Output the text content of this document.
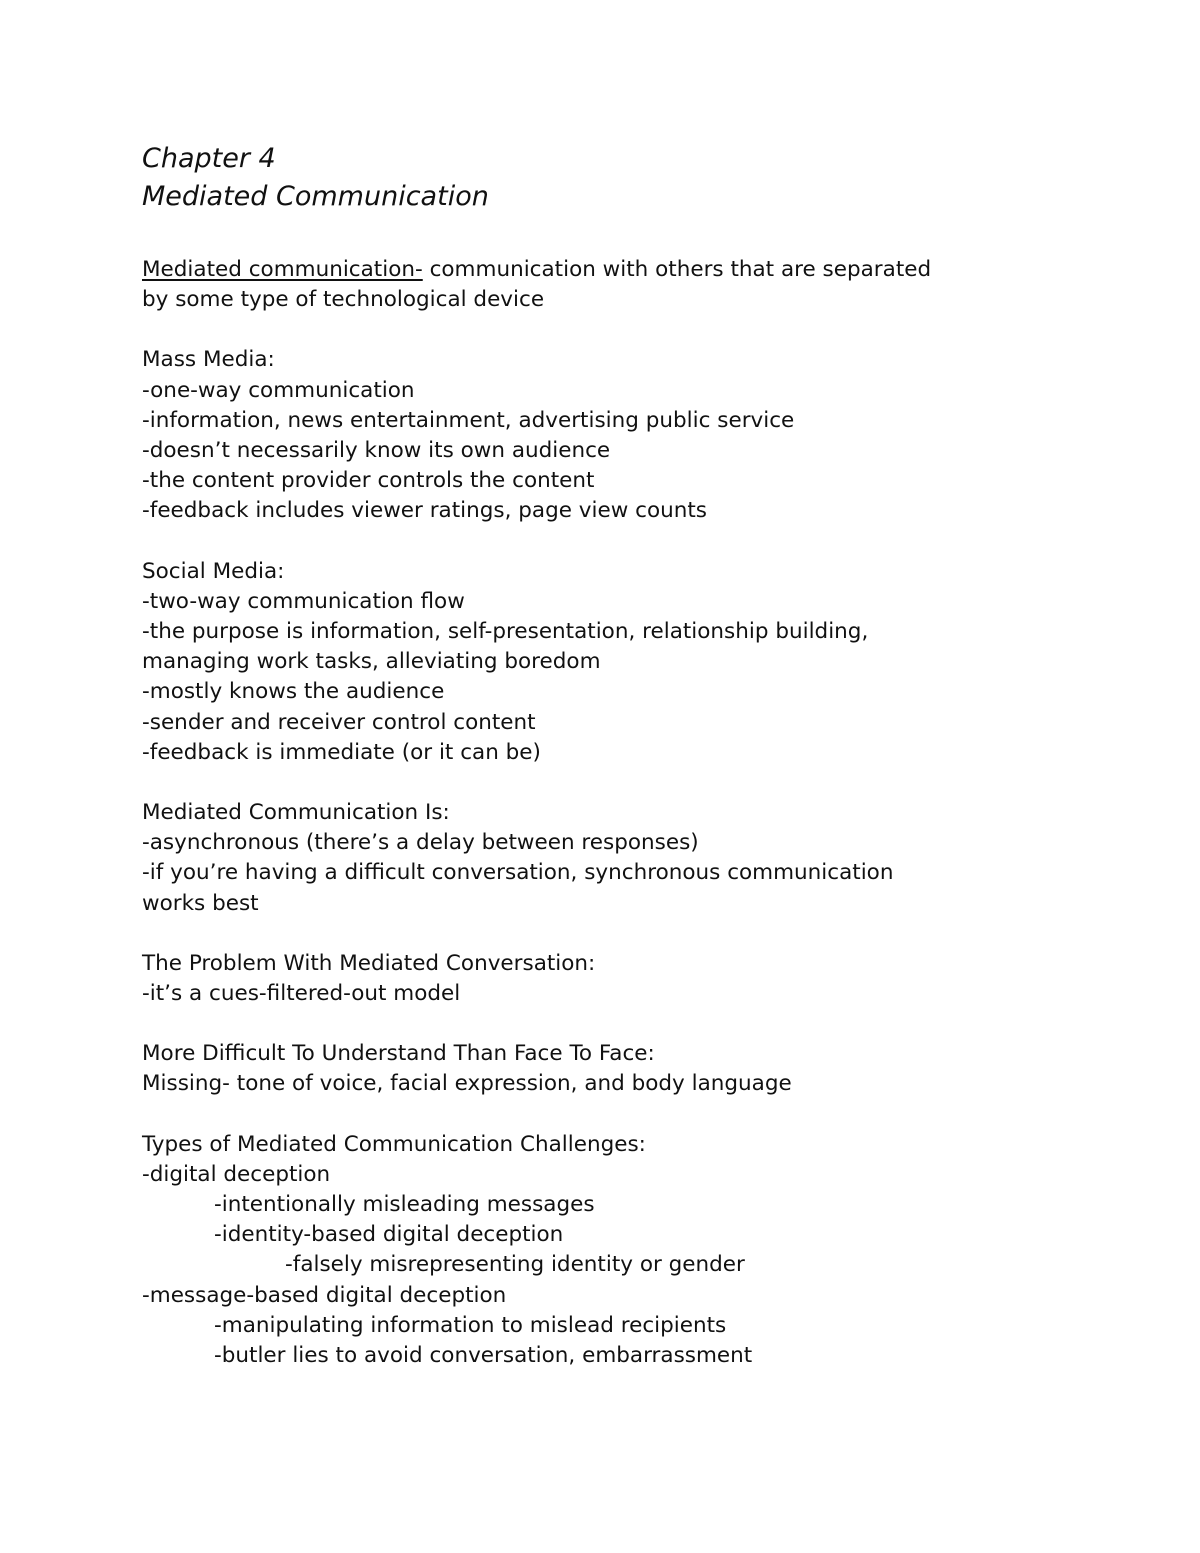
Chapter 4

Mediated Communication

Mediated communication- communication with others that are separated

by some type of technological device

Mass Media:

-one-way communication

-information, news entertainment, advertising public service

-doesn’t necessarily know its own audience

-the content provider controls the content

-feedback includes viewer ratings, page view counts

Social Media:

-two-way communication flow

-the purpose is information, self-presentation, relationship building,

managing work tasks, alleviating boredom

-mostly knows the audience

-sender and receiver control content

-feedback is immediate (or it can be)

Mediated Communication Is:

-asynchronous (there’s a delay between responses)

-if you’re having a difficult conversation, synchronous communication

works best

The Problem With Mediated Conversation:

-it’s a cues-filtered-out model

More Difficult To Understand Than Face To Face:

Missing- tone of voice, facial expression, and body language

Types of Mediated Communication Challenges:

-digital deception

-intentionally misleading messages

-identity-based digital deception

-falsely misrepresenting identity or gender

-message-based digital deception

-manipulating information to mislead recipients

-butler lies to avoid conversation, embarrassment
